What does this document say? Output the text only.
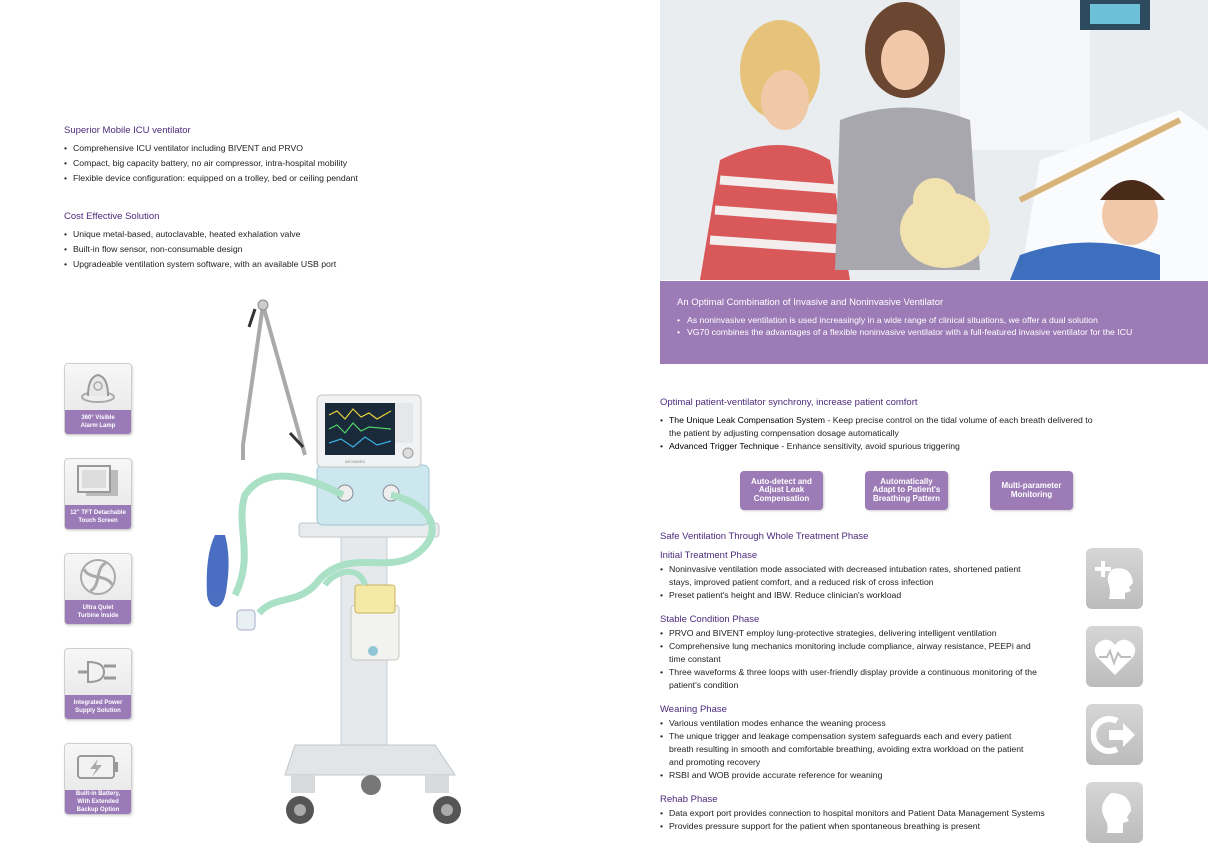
Superior Mobile ICU ventilator
• Comprehensive ICU ventilator including BIVENT and PRVO
• Compact, big capacity battery, no air compressor, intra-hospital mobility
• Flexible device configuration: equipped on a trolley, bed or ceiling pendant
Cost Effective Solution
• Unique metal-based, autoclavable, heated exhalation valve
• Built-in flow sensor, non-consumable design
• Upgradeable ventilation system software, with an available USB port
360° Visible
Alarm Lamp
12" TFT Detachable
Touch Screen
Ultra Quiet
Turbine Inside
Integrated Power
Supply Solution
Built-in Battery,
With Extended
Backup Option
AEONMED
An Optimal Combination of Invasive and Noninvasive Ventilator
• As noninvasive ventilation is used increasingly in a wide range of clinical situations, we offer a dual solution
• VG70 combines the advantages of a flexible noninvasive ventilator with a full-featured invasive ventilator for the ICU
Optimal patient-ventilator synchrony, increase patient comfort
• The Unique Leak Compensation System - Keep precise control on the tidal volume of each breath delivered to the patient by adjusting compensation dosage automatically
• Advanced Trigger Technique - Enhance sensitivity, avoid spurious triggering
Auto-detect and
Adjust Leak
Compensation
Automatically
Adapt to Patient's
Breathing Pattern
Multi-parameter
Monitoring
Safe Ventilation Through Whole Treatment Phase
Initial Treatment Phase
• Noninvasive ventilation mode associated with decreased intubation rates, shortened patient stays, improved patient comfort, and a reduced risk of cross infection
• Preset patient's height and IBW. Reduce clinician's workload
Stable Condition Phase
• PRVO and BIVENT employ lung-protective strategies, delivering intelligent ventilation
• Comprehensive lung mechanics monitoring include compliance, airway resistance, PEEPi and time constant
• Three waveforms & three loops with user-friendly display provide a continuous monitoring of the patient's condition
Weaning Phase
• Various ventilation modes enhance the weaning process
• The unique trigger and leakage compensation system safeguards each and every patient breath resulting in smooth and comfortable breathing, avoiding extra workload on the patient and promoting recovery
• RSBI and WOB provide accurate reference for weaning
Rehab Phase
• Data export port provides connection to hospital monitors and Patient Data Management Systems
• Provides pressure support for the patient when spontaneous breathing is present
